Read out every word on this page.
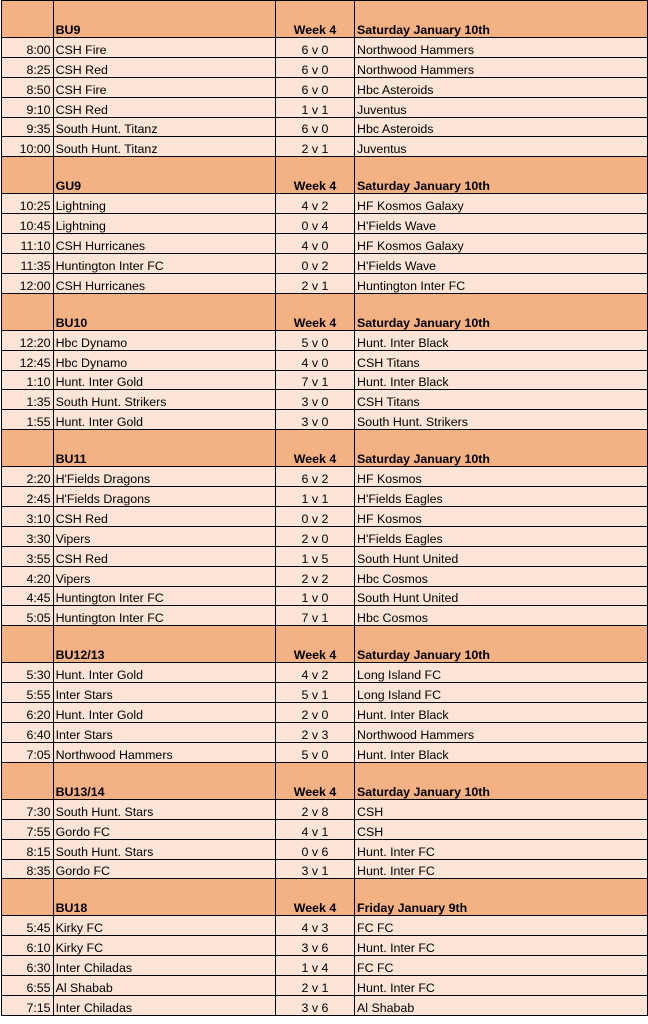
	BU9	Week 4	Saturday January 10th
8:00	CSH Fire	6 v 0	Northwood Hammers
8:25	CSH Red	6 v 0	Northwood Hammers
8:50	CSH Fire	6 v 0	Hbc Asteroids
9:10	CSH Red	1 v 1	Juventus
9:35	South Hunt. Titanz	6 v 0	Hbc Asteroids
10:00	South Hunt. Titanz	2 v 1	Juventus
	GU9	Week 4	Saturday January 10th
10:25	Lightning	4 v 2	HF Kosmos Galaxy
10:45	Lightning	0 v 4	H'Fields Wave
11:10	CSH Hurricanes	4 v 0	HF Kosmos Galaxy
11:35	Huntington Inter FC	0 v 2	H'Fields Wave
12:00	CSH Hurricanes	2 v 1	Huntington Inter FC
	BU10	Week 4	Saturday January 10th
12:20	Hbc Dynamo	5 v 0	Hunt. Inter Black
12:45	Hbc Dynamo	4 v 0	CSH Titans
1:10	Hunt. Inter Gold	7 v 1	Hunt. Inter Black
1:35	South Hunt. Strikers	3 v 0	CSH Titans
1:55	Hunt. Inter Gold	3 v 0	South Hunt. Strikers
	BU11	Week 4	Saturday January 10th
2:20	H'Fields Dragons	6 v 2	HF Kosmos
2:45	H'Fields Dragons	1 v 1	H'Fields Eagles
3:10	CSH Red	0 v 2	HF Kosmos
3:30	Vipers	2 v 0	H'Fields Eagles
3:55	CSH Red	1 v 5	South Hunt United
4:20	Vipers	2 v 2	Hbc Cosmos
4:45	Huntington Inter FC	1 v 0	South Hunt United
5:05	Huntington Inter FC	7 v 1	Hbc Cosmos
	BU12/13	Week 4	Saturday January 10th
5:30	Hunt. Inter Gold	4 v 2	Long Island FC
5:55	Inter Stars	5 v 1	Long Island FC
6:20	Hunt. Inter Gold	2 v 0	Hunt. Inter Black
6:40	Inter Stars	2 v 3	Northwood Hammers
7:05	Northwood Hammers	5 v 0	Hunt. Inter Black
	BU13/14	Week 4	Saturday January 10th
7:30	South Hunt. Stars	2 v 8	CSH
7:55	Gordo FC	4 v 1	CSH
8:15	South Hunt. Stars	0 v 6	Hunt. Inter FC
8:35	Gordo FC	3 v 1	Hunt. Inter FC
	BU18	Week 4	Friday January 9th
5:45	Kirky FC	4 v 3	FC FC
6:10	Kirky FC	3 v 6	Hunt. Inter FC
6:30	Inter Chiladas	1 v 4	FC FC
6:55	Al Shabab	2 v 1	Hunt. Inter FC
7:15	Inter Chiladas	3 v 6	Al Shabab
